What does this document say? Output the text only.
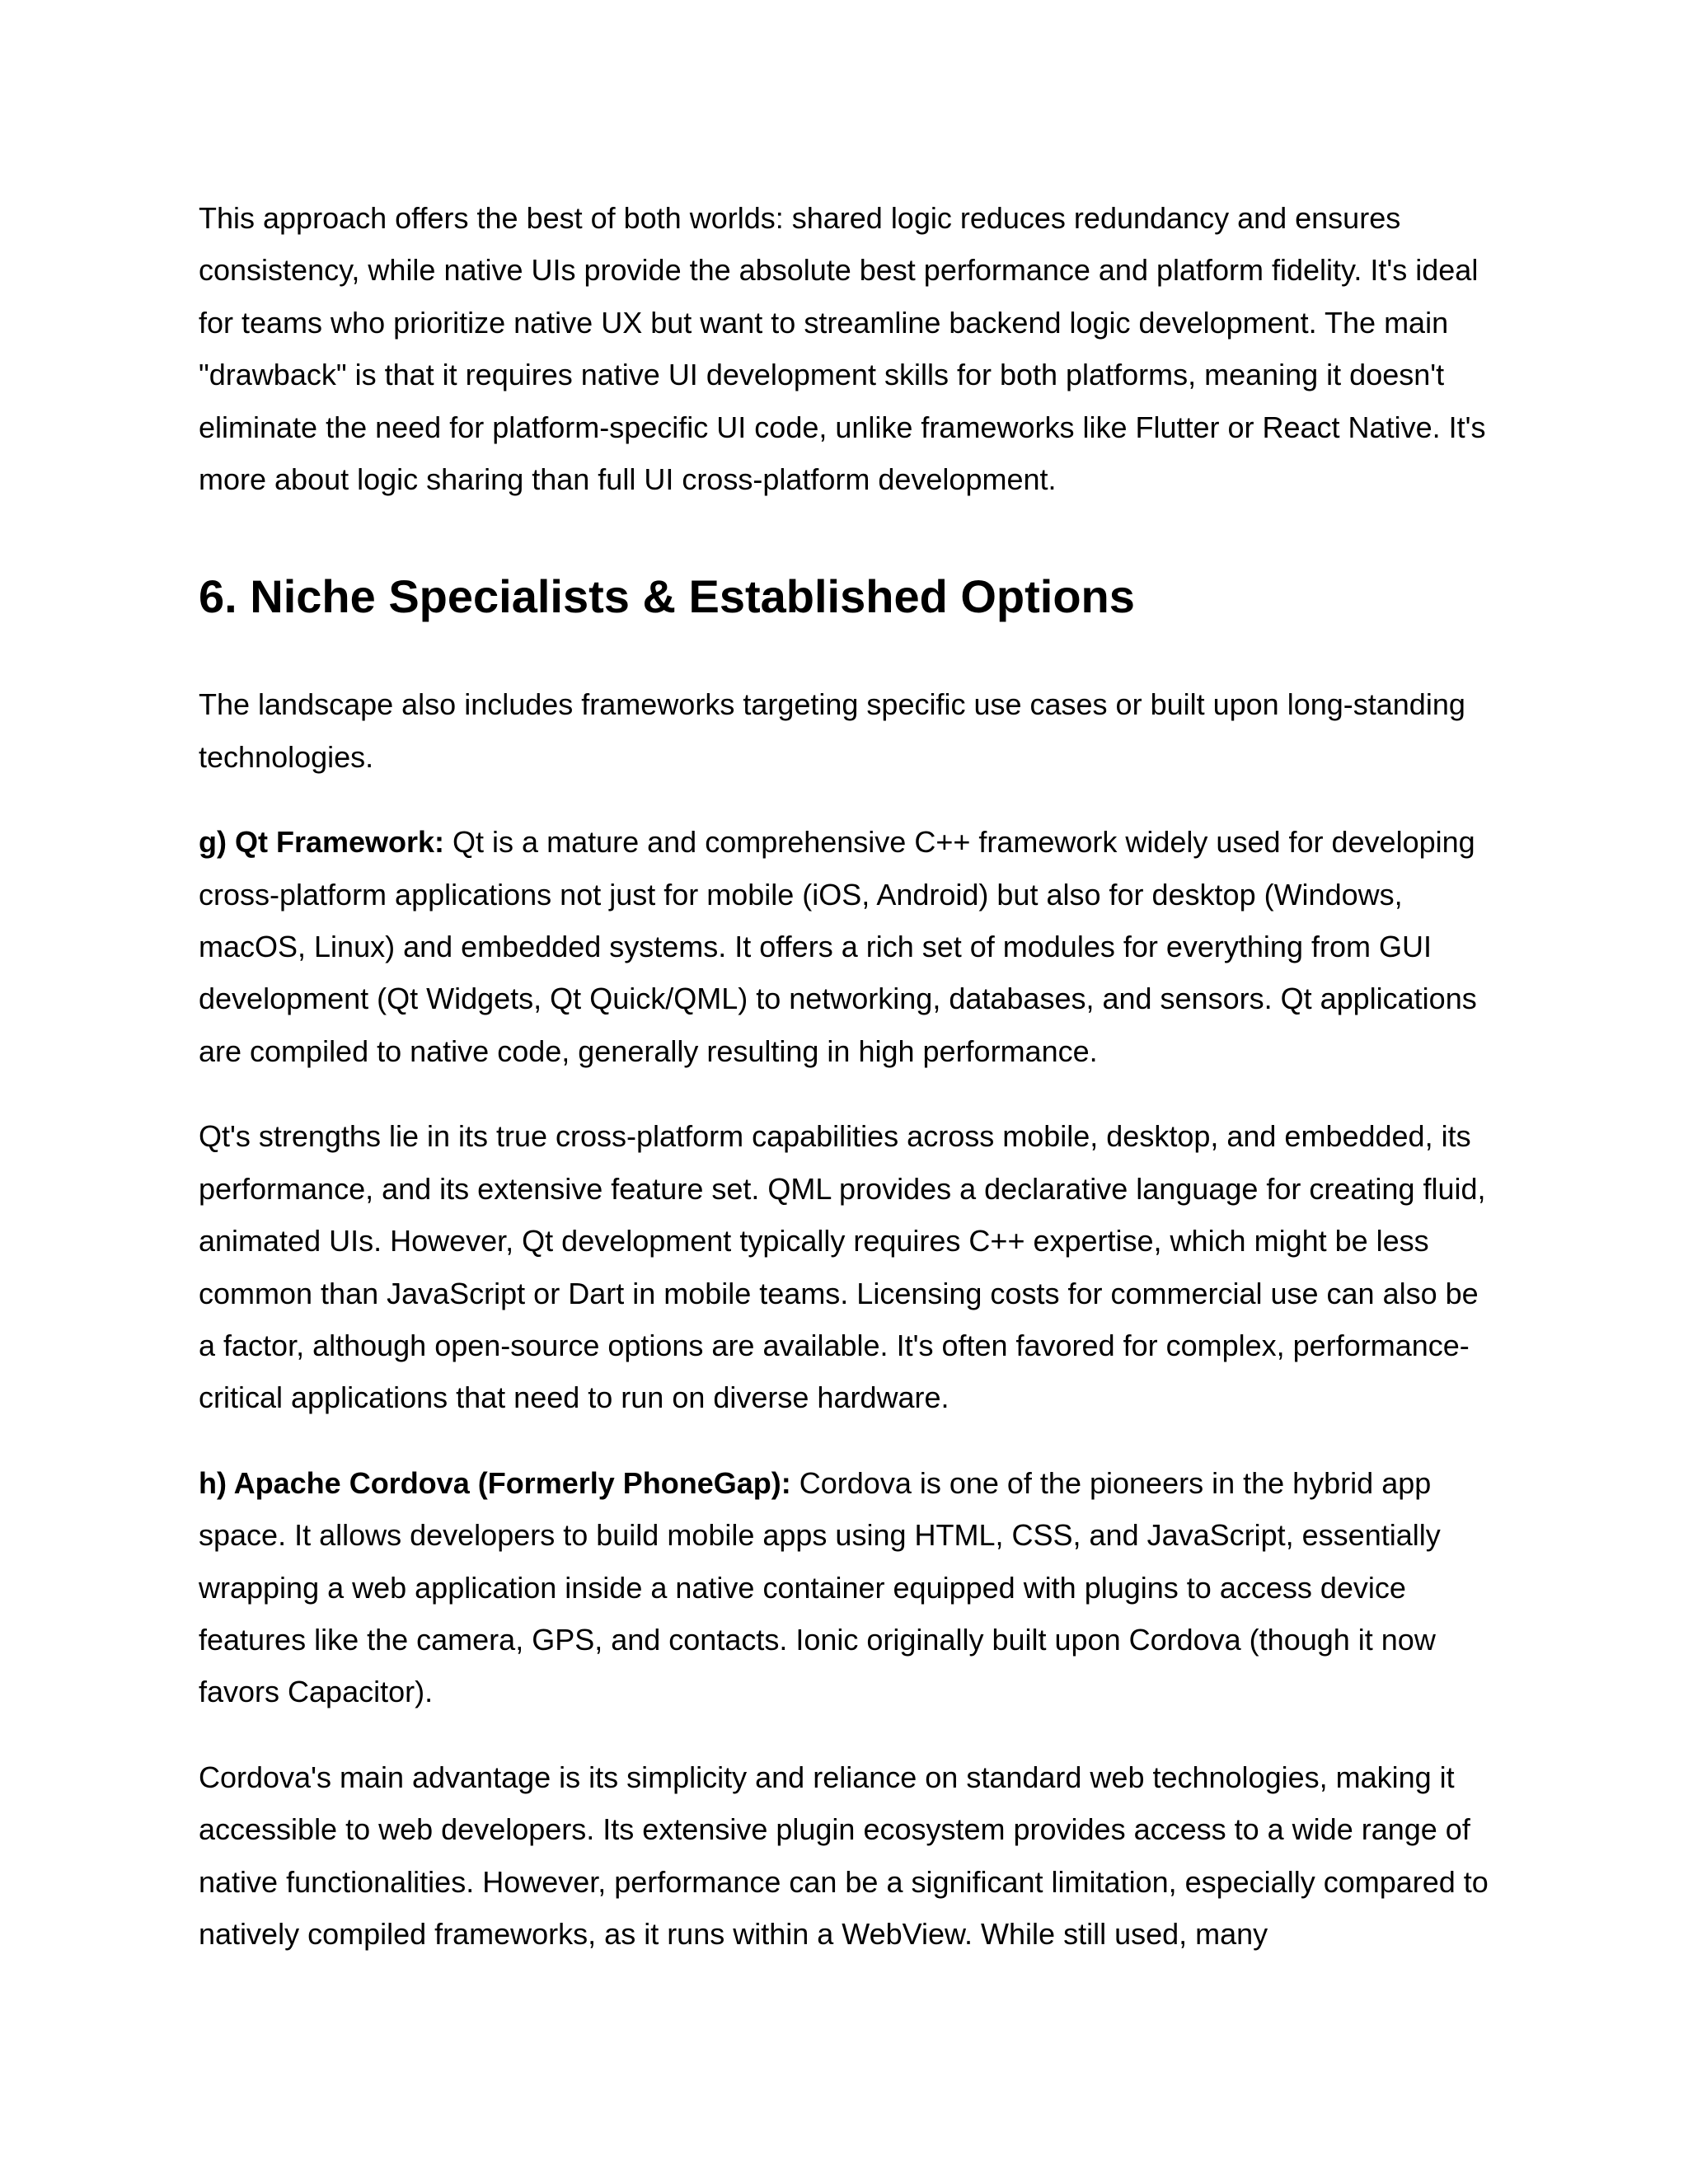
This approach offers the best of both worlds: shared logic reduces redundancy and ensures consistency, while native UIs provide the absolute best performance and platform fidelity. It's ideal for teams who prioritize native UX but want to streamline backend logic development. The main "drawback" is that it requires native UI development skills for both platforms, meaning it doesn't eliminate the need for platform-specific UI code, unlike frameworks like Flutter or React Native. It's more about logic sharing than full UI cross-platform development.

6. Niche Specialists & Established Options

The landscape also includes frameworks targeting specific use cases or built upon long-standing technologies.

g) Qt Framework: Qt is a mature and comprehensive C++ framework widely used for developing cross-platform applications not just for mobile (iOS, Android) but also for desktop (Windows, macOS, Linux) and embedded systems. It offers a rich set of modules for everything from GUI development (Qt Widgets, Qt Quick/QML) to networking, databases, and sensors. Qt applications are compiled to native code, generally resulting in high performance.

Qt's strengths lie in its true cross-platform capabilities across mobile, desktop, and embedded, its performance, and its extensive feature set. QML provides a declarative language for creating fluid, animated UIs. However, Qt development typically requires C++ expertise, which might be less common than JavaScript or Dart in mobile teams. Licensing costs for commercial use can also be a factor, although open-source options are available. It's often favored for complex, performance-critical applications that need to run on diverse hardware.

h) Apache Cordova (Formerly PhoneGap): Cordova is one of the pioneers in the hybrid app space. It allows developers to build mobile apps using HTML, CSS, and JavaScript, essentially wrapping a web application inside a native container equipped with plugins to access device features like the camera, GPS, and contacts. Ionic originally built upon Cordova (though it now favors Capacitor).

Cordova's main advantage is its simplicity and reliance on standard web technologies, making it accessible to web developers. Its extensive plugin ecosystem provides access to a wide range of native functionalities. However, performance can be a significant limitation, especially compared to natively compiled frameworks, as it runs within a WebView. While still used, many
